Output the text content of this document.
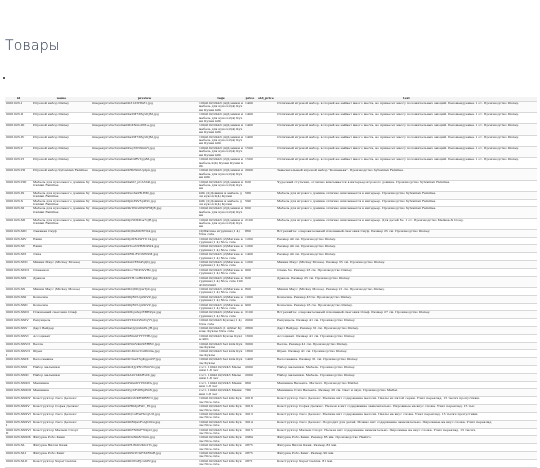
Товары
id	name	preview	tags	price	old_price	text
0001023-I	Игровой набор Disney	images/products/small2i31d5H6Z1.jpg	1004102/2443 (4)Домики и мебель для кукол;2(4) Кухни Кухни kitb	1400		Отличный игровой набор, который не займет много места, но принесет массу положительных эмоций. Рекомендуемые 1 от. Производство Disney.
0001023-II	Игровой набор Disney	images/products/small2a2M7Z6gvKJM.jpg	1004102/2443 (4)Домики и мебель для кукол;2(4) Кухни Кухни kitb	1400		Отличный игровой набор, который не займет много места, но принесет массу положительных эмоций. Рекомендуемые 1 от. Производство Disney.
0001023-III	Игровой набор Disney	images/products/small2bXNmoPPLe.jpg	1004102/2443 (4)Домики и мебель для кукол;2(4) Кухни Кухни kitb	1400		Отличный игровой набор, который не займет много места, но принесет массу положительных эмоций. Рекомендуемые 1 от. Производство Disney.
0001023-IV	Игровой набор Disney	images/products/small2a2M7Z6gvKJM.jpg	1004102/2443 (4)Домики и мебель для кукол;2(4) Кухни Кухни kitb	1400		Отличный игровой набор, который не займет много места, но принесет массу положительных эмоций. Рекомендуемые 1 от. Производство Disney.
0001023-V	Игровой набор Disney	images/products/small2wyVtNXmnY.jpg	1004102/2443 (4)Домики и мебель для кукол;2(4) Кухни Кухни kitb	1500		Отличный игровой набор, который не займет много места, но принесет массу положительных эмоций. Рекомендуемые 1 от. Производство Disney.
0001023-VI	Игровой набор Disney	images/products/small2aIGRVTgp8d.jpg	1004102/2443 (2)Домики и мебель;2(4) Кухни Кухни kitb	1500		Отличный игровой набор, который не займет много места, но принесет массу положительных эмоций. Рекомендуемые 1 от. Производство Disney.
0001023-VII	Игровой набор Sylvanian Families	images/products/small2HbWmUpIpn.jpg	1004102/2443 (2)Домики и мебель для кукол;2(4) Кухни kitb	2000		Замечательный игровой набор "Кошанька". Производство Sylvanian Families.
0001023-VIII	Мебель для кукольного домика Sylvanian Families	images/products/small2ahIf_pCA5t4t.jpg	1004102/2443 (2)Домики и мебель для кукол;2(4) Кухни	620		Чудесный стульчик, отлично вписывается в интерьер игрового домика. Производство Sylvanian Families.
0001023-IX	Мебель для кукольного домика Sylvanian Families	images/products/small2wvhsPB-HM.jpg	kitb (2)Домики и мебель для кукол;2(4) Кухни	580		Мебель для игрового домика отлично вписывается в интерьер. Производство Sylvanian Families.
0001023-X	Мебель для кукольного домика Sylvanian Families	images/products/small2jmZ9V5pWxt.jpg	kitb (2)Домики и мебель для кукол;2(4) Кухни	590		Мебель для игрового домика отлично вписывается в интерьер. Производство Sylvanian Families.
0001023-XI	Мебель для кукольного домика Sylvanian Families	images/products/small2kTfmv0t9NFMJ8.jpg	1004102/2443 (2)Домики и мебель для кукол;2(4) Кухни	600		Мебель для игрового домика отлично вписывается в интерьер. Производство Sylvanian Families.
0001023-XII	Мебель для кукольного домика Sylvanian Families	images/products/small2pNIMPoa7vjR.jpg	1004102/2443 (2)Домики и мебель для кукол;2(4) Кухни	2100		Мебель для игрового домика отлично вписывается в интерьер. Для детей 6+ 1 от. Производство Melissa & Doug.
0001023-XIII	Льняная Снуф	images/products/small2Q6a6lUB7O4.jpg	(2)Мягкие игрушки;(1 4) Nice cute	860		Встречайте: очаровательный плюшевый снеговик Снуф. Размер 25 см. Производство Disney.
0001023-XIV	Ёжик	images/products/small2pMNAWTU14.jpg	1004102/2443 (2)Мягкие игрушки;(1 4) Nice cute	1200		Размер 40 см. Производство Disney.
0001023-XV	Ёжик	images/products/small2ToeNVRZb9W4.jpg	1004102/2443 (2)Мягкие игрушки;(1 4) Nice cute	1200		Размер 40 см. Производство Disney.
0001023-XVI	Лиза	images/products/small2RD-8YOSWSM.jpg	1004102/2443 (2)Мягкие игрушки;(1 4) Nice cute	1400		Размер 40 см. Производство Disney.
0001023-XVII	Минни Маус (Mickey Mouse)	images/products/small2sbrE6nPqQQ.jpg	1004102/2443 (2)Мягкие игрушки;(1 4) Nice cute	1200		Минни Маус (Mickey Mouse). Размер 35 см. Производство Disney.
0001023-XVIII	Оленёнок	images/products/small2oo7XtPdvVHz.jpg	1004102/2443 (2)Мягкие игрушки;(1 4) Nice cute	900		Олень бэ. Размер 23 см. Производство Disney.
0001023-XIX	Дракон	images/products/small2YH-vsHKKKXI.jpg	1004102/2443 (2)Мягкие игрушки;(1 4) Nice cute 1004102/2443	620		Дракон. Размер 25 см. Производство Disney.
0001023-XX	Микки Маус (Mickey Mouse)	images/products/small2bQ6IQpwTpb.jpg	1004102/2443 (2)Мягкие игрушки;(1 4) Nice cute	800		Микки Маус (Mickey Mouse). Размер 21 см. Производство Disney.
0001023-XXI	Кошечка	images/products/small2hjBCUgzSiVZ.jpg	1004102/2443 (2)Мягкие игрушки;(1 4) Nice cute	1000		Кошечка. Размер 47см. Производство Disney.
0001023-XXII	Кошечка	images/products/small2hjBCUgzSiVZ.jpg	1004102/2443 (2)Мягкие игрушки;(1 4) Nice cute	900		Кошечка. Размер 23 см. Производство Disney.
0001023-XXIII	Плюшевый снеговик Олаф	images/products/small2MguSqcEBHZpx.jpg	1004102/2443 (2)Мягкие игрушки;(1 4) Nice cute	3100		Встречайте: очаровательный плюшевый снеговик Олаф. Размер 27 см. Производство Disney.
0001023-XXIV	Рапунцель	images/products/small2YXmVZmVqYY.jpg	1004102/2443 Куклы;(1 4) Nice cute	2000		Рапунцель. Размер 41 см. Производство Disney.
0001023-XXV	Дарт Вейдер	images/products/small2aQypGhnfS-JH.jpg	1004102/2443 (1 4)Star Куклы; Куклы Nice cute	2800		Дарт Вейдер. Размер 31 см. Производство Disney.
0001023-XXVI	Ассоциант	images/products/small2BmATYTYTBU.jpg	1004102/2443 Куклы Куклы kitb	1600		Ассоциант. Размер 41 см. Производство Disney.
0001023-XXVII	Белла	images/products/small2NmV4mSEHBC.jpg	1004102/2443 Set kids Куклы Куклы	3000		Белла. Размер 41 см. Производство Disney.
0001023-XXVIII	Шрек	images/products/small2LMcurCuffnDia.jpg	1004102/2443 Set kids Куклы Куклы	1800		Шрек. Размер 41 см. Производство Disney.
0001023-XXIX	Белоснежка	images/products/small2CmeT3gKgpuCF.jpg	1004102/2443 Set kids Куклы Куклы	1400		Белоснежка. Размер 31 см. Производство Disney.
0001023-XXX	Набор малышки	images/products/small2bXJyPNUWmYG.jpg	гост. 1004102/2243 Малышки 1-8 лет	2000		Набор малышки. Мебель. Производство Disney.
0001023-XXXI	Набор малышки	images/products/small2AUrbKbRvIK.jpg	гост. 1004102/2243 Малышки 1-8 лет	2000		Набор малышки. Мебель. Производство Disney.
0001023-XXXII	Машинка	images/products/small2WenKYYhSWA.jpg	гост. 1004102/2243 Машинки 1-8 лет	960		Машинка Валенте. Металл. Производство Mattel.
0001023-XXXIII	Машинка	images/products/small2yybFdlWpEnB.jpg	гост. 1004102/2243 Машинки 1-8 лет	780		Машинка Стил Валенте. Размер 26 см. Свет и звук. Производство Mattel.
0001023-XXXIV	Конструктор Лего Делюкс	images/products/small2bGNKHDRB7d.jpg	1004102/2443 Set kits Куклы Nice cute	2018		Конструктор Лего Делюкс. Мелкие кит содержание мелочи. Пазлы из пятой серии. Учил переклад. 15 тысяч пропустивш.
0001023-XXXV	Конструктор Софья Делюкс	images/products/small2HKdp8Wc_EI.jpg	1004102/2443 Set kits Куклы Nice cute	3016		Конструктор Софья Делюкс. Нельзя в кит содержание замечательно. Пирожные на вкус сложа. Учил переклад. 15 тыс.
0001023-XXXVI	Конструктор Лего Делюкс	images/products/small2Q1uHwHzcgUlt.jpg	1004102/2443 Set kits Куклы Nice cute	3013		Конструктор Лего Делюкс. Мелкие кит содержание мелочи. Пазлы на вкус сложа. Учил переклад. 15 тысяч пропустивш.
0001023-XXXVII	Конструктор Лего Делюкс	images/products/small2hBQaxFoAJOOw.jpg	1004102/2443 Set kits Куклы Nice cute	3014		Конструктор Лего Делюкс. Подходит для детей. Можно кит содержание замечательно. Пирожные на вкус сложа. Учил переклад.
0001023-XXXVIII	Конструктор Малыш Спорт	images/products/small2hFN6kF7IkpO.jpg	1004102/2443 Set kits Куклы Nice cute	3015		Конструктор Малыш Спорт. Нельзя кит содержание замечательно. Пирожные на вкус сложа. Учил переклад. 15 тысяч.
0001023-XXXIX	Фигурка Робо Кинк	images/products/small2Oz6m8c5nm.jpg	1004102/2443 Set kits Куклы Nice cute	2984		Фигурка Робо Кинк. Размер 85 мм. Производство Hasbro.
0001023-XL	Фигурка Вилли Кинк	images/products/small2H-8bKUKb2Tv.jpg	1004102/2443 Set kits Куклы Nice cute	2875		Фигурка Вилли Кинк. Размер 82 мм.
0001023-XLI	Фигурка Робо Кинг	images/products/small2PmYCGF3dRfuR.jpg	1004102/2443 Set kits Куклы Nice cute	2875		Фигурка Робо Кинг. Размер 90 мм.
0001023-XLII	Конструктор Super Genius	images/products/small2hDVuEJcuhEr.jpg	1004102/2443 Set kits Куклы Nice cute	2871		Конструктор Super Genius. 81 мм.
